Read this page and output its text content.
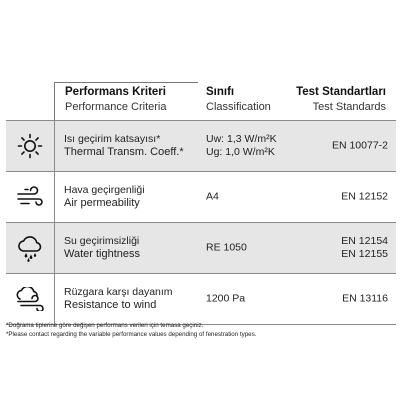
Performans Kriteri
Performance Criteria
Sınıfı
Classification
Test Standartları
Test Standards
Isı geçirim katsayısı*
Thermal Transm. Coeff.*
Uw: 1,3 W/m²K
Ug: 1,0 W/m²K
EN 10077-2
Hava geçirgenliği
Air permeability
A4	EN 12152
Su geçirimsizliği
Water tightness
RE 1050
EN 12154
EN 12155
Rüzgara karşı dayanım
Resistance to wind
1200 Pa	EN 13116
*Doğrama tiplerine göre değişen performans verileri için temasa geçiniz.
*Please contact regarding the variable performance values depending of fenestration types.
